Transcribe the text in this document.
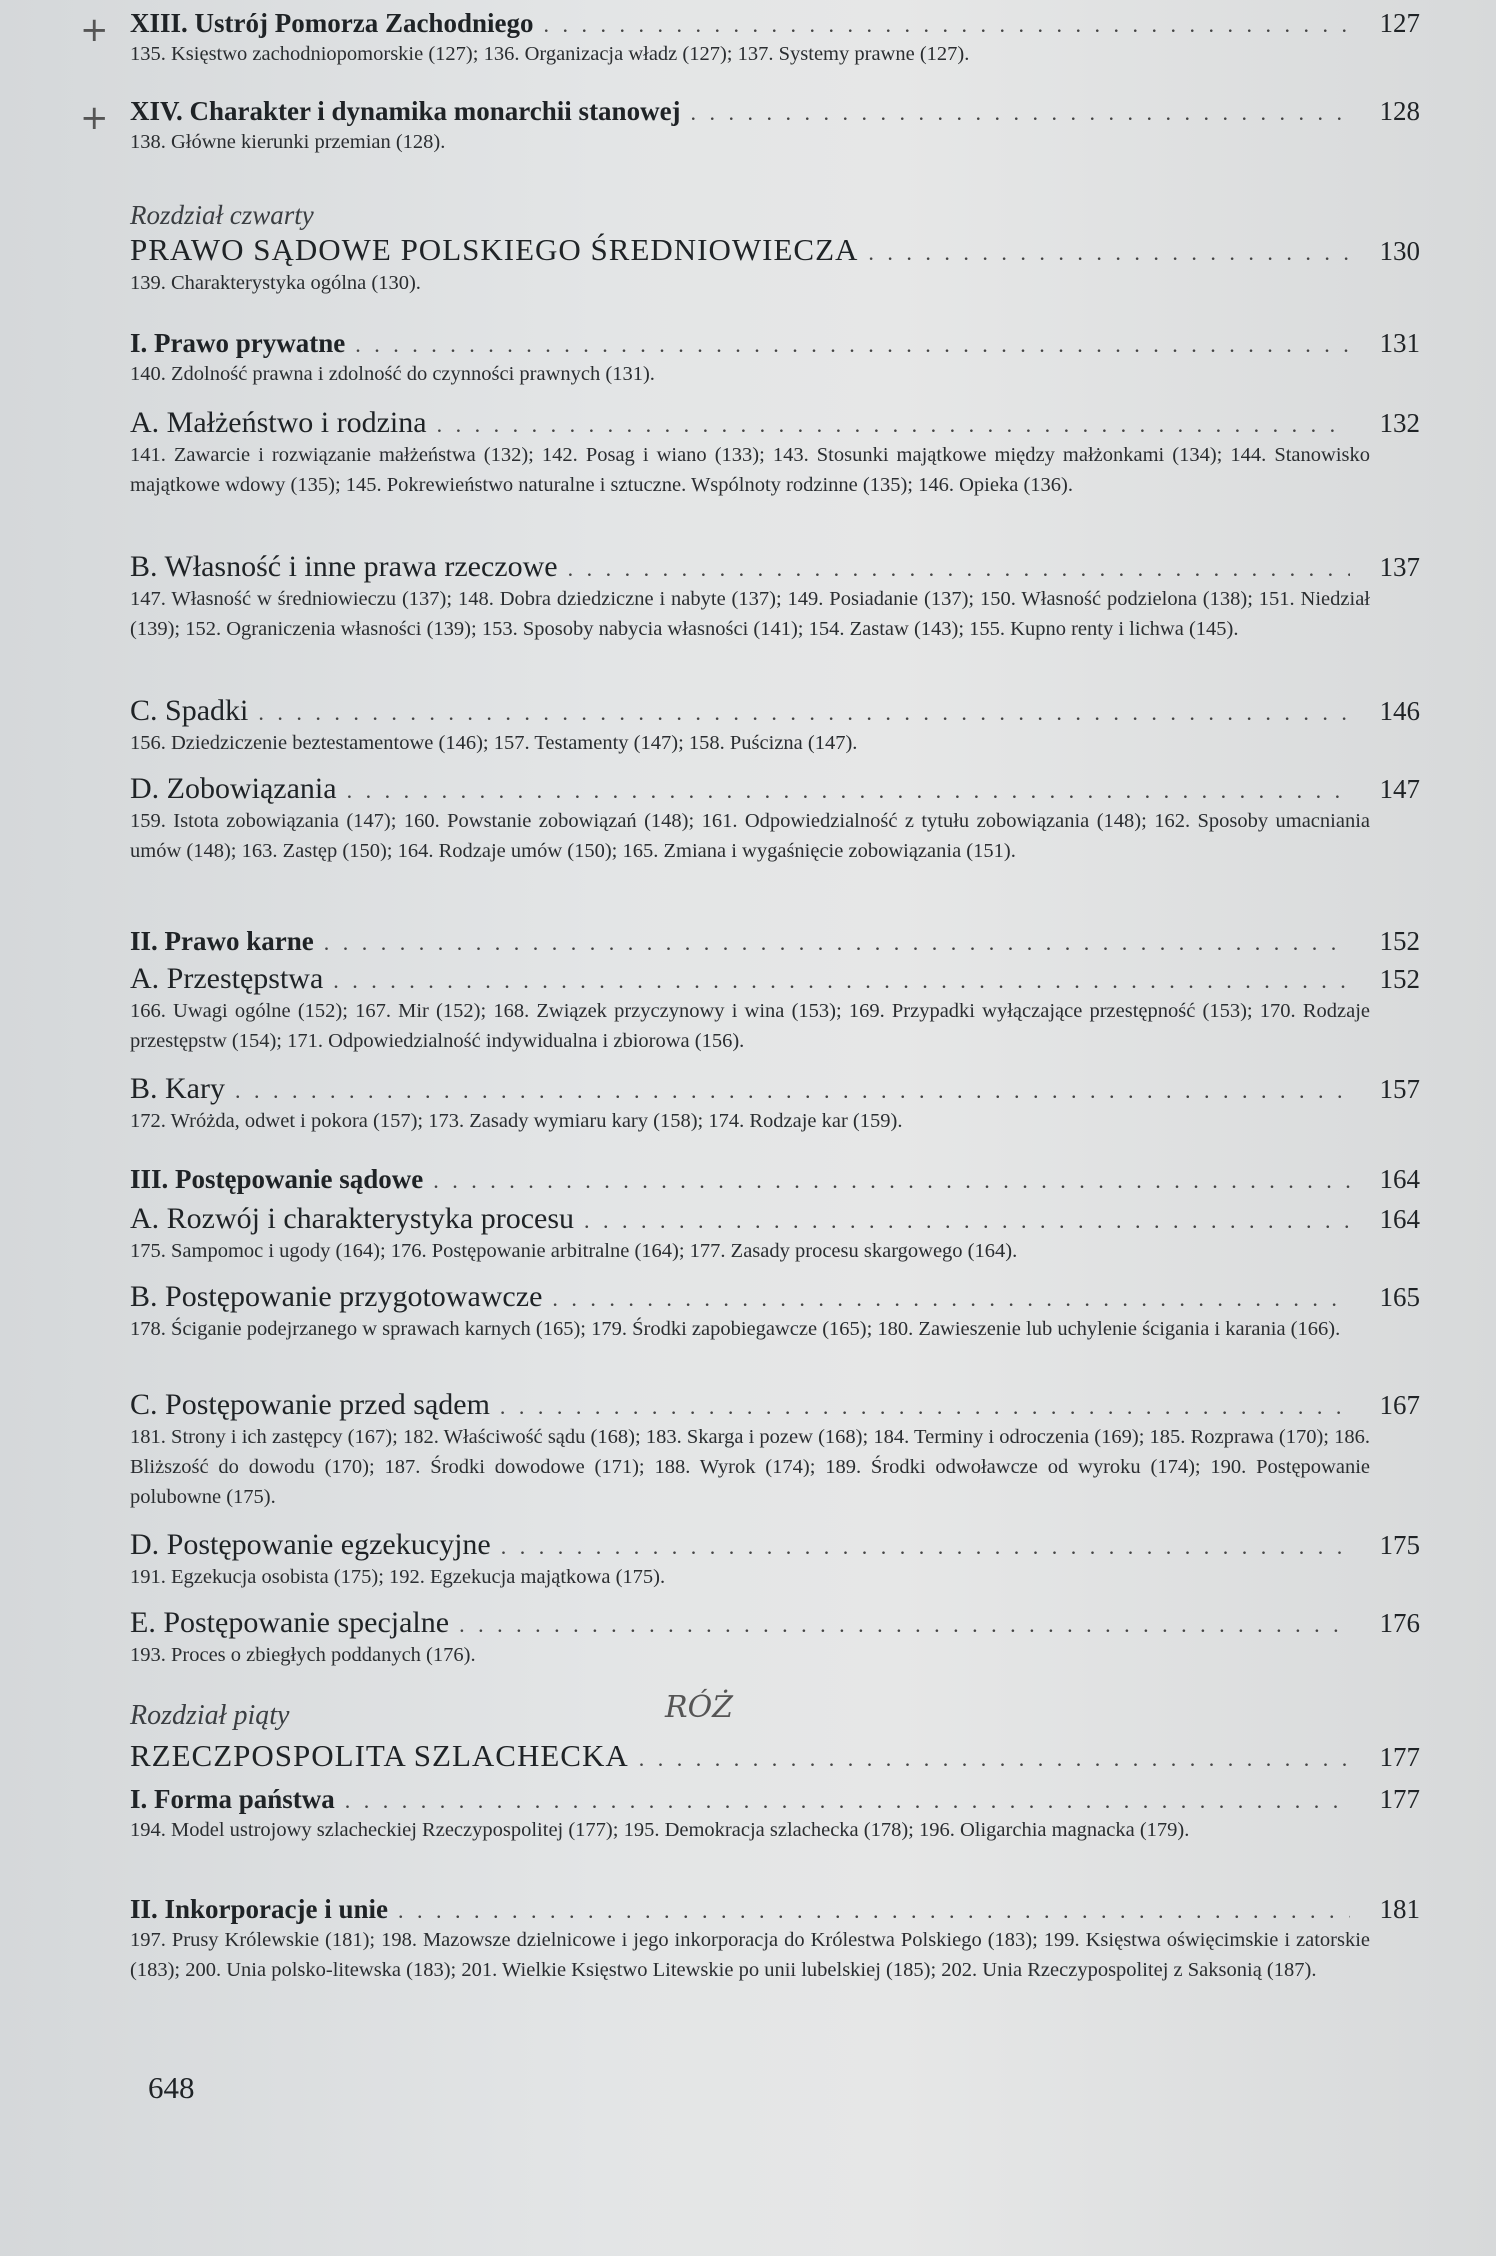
XIII. Ustrój Pomorza Zachodniego . . .	127
135. Księstwo zachodniopomorskie (127); 136. Organizacja władz (127); 137. Systemy prawne (127).
XIV. Charakter i dynamika monarchii stanowej . . .	128
138. Główne kierunki przemian (128).
Rozdział czwarty
PRAWO SĄDOWE POLSKIEGO ŚREDNIOWIECZA . . .	130
139. Charakterystyka ogólna (130).
I. Prawo prywatne . . .	131
140. Zdolność prawna i zdolność do czynności prawnych (131).
A. Małżeństwo i rodzina . . .	132
141. Zawarcie i rozwiązanie małżeństwa (132); 142. Posag i wiano (133); 143. Stosunki majątkowe między małżonkami (134); 144. Stanowisko majątkowe wdowy (135); 145. Pokrewieństwo naturalne i sztuczne. Wspólnoty rodzinne (135); 146. Opieka (136).
B. Własność i inne prawa rzeczowe . . .	137
147. Własność w średniowieczu (137); 148. Dobra dziedziczne i nabyte (137); 149. Posiadanie (137); 150. Własność podzielona (138); 151. Niedział (139); 152. Ograniczenia własności (139); 153. Sposoby nabycia własności (141); 154. Zastaw (143); 155. Kupno renty i lichwa (145).
C. Spadki . . .	146
156. Dziedziczenie beztestamentowe (146); 157. Testamenty (147); 158. Puścizna (147).
D. Zobowiązania . . .	147
159. Istota zobowiązania (147); 160. Powstanie zobowiązań (148); 161. Odpowiedzialność z tytułu zobowiązania (148); 162. Sposoby umacniania umów (148); 163. Zastęp (150); 164. Rodzaje umów (150); 165. Zmiana i wygaśnięcie zobowiązania (151).
II. Prawo karne . . .	152
A. Przestępstwa . . .	152
166. Uwagi ogólne (152); 167. Mir (152); 168. Związek przyczynowy i wina (153); 169. Przypadki wyłączające przestępność (153); 170. Rodzaje przestępstw (154); 171. Odpowiedzialność indywidualna i zbiorowa (156).
B. Kary . . .	157
172. Wróżda, odwet i pokora (157); 173. Zasady wymiaru kary (158); 174. Rodzaje kar (159).
III. Postępowanie sądowe . . .	164
A. Rozwój i charakterystyka procesu . . .	164
175. Sampomoc i ugody (164); 176. Postępowanie arbitralne (164); 177. Zasady procesu skargowego (164).
B. Postępowanie przygotowawcze . . .	165
178. Ściganie podejrzanego w sprawach karnych (165); 179. Środki zapobiegawcze (165); 180. Zawieszenie lub uchylenie ścigania i karania (166).
C. Postępowanie przed sądem . . .	167
181. Strony i ich zastępcy (167); 182. Właściwość sądu (168); 183. Skarga i pozew (168); 184. Terminy i odroczenia (169); 185. Rozprawa (170); 186. Bliższość do dowodu (170); 187. Środki dowodowe (171); 188. Wyrok (174); 189. Środki odwoławcze od wyroku (174); 190. Postępowanie polubowne (175).
D. Postępowanie egzekucyjne . . .	175
191. Egzekucja osobista (175); 192. Egzekucja majątkowa (175).
E. Postępowanie specjalne . . .	176
193. Proces o zbiegłych poddanych (176).
Rozdział piąty
RZECZPOSPOLITA SZLACHECKA . . .	177
I. Forma państwa . . .	177
194. Model ustrojowy szlacheckiej Rzeczypospolitej (177); 195. Demokracja szlachecka (178); 196. Oligarchia magnacka (179).
II. Inkorporacje i unie . . .	181
197. Prusy Królewskie (181); 198. Mazowsze dzielnicowe i jego inkorporacja do Królestwa Polskiego (183); 199. Księstwa oświęcimskie i zatorskie (183); 200. Unia polsko-litewska (183); 201. Wielkie Księstwo Litewskie po unii lubelskiej (185); 202. Unia Rzeczypospolitej z Saksonią (187).
648
+
+
RÓŻ
